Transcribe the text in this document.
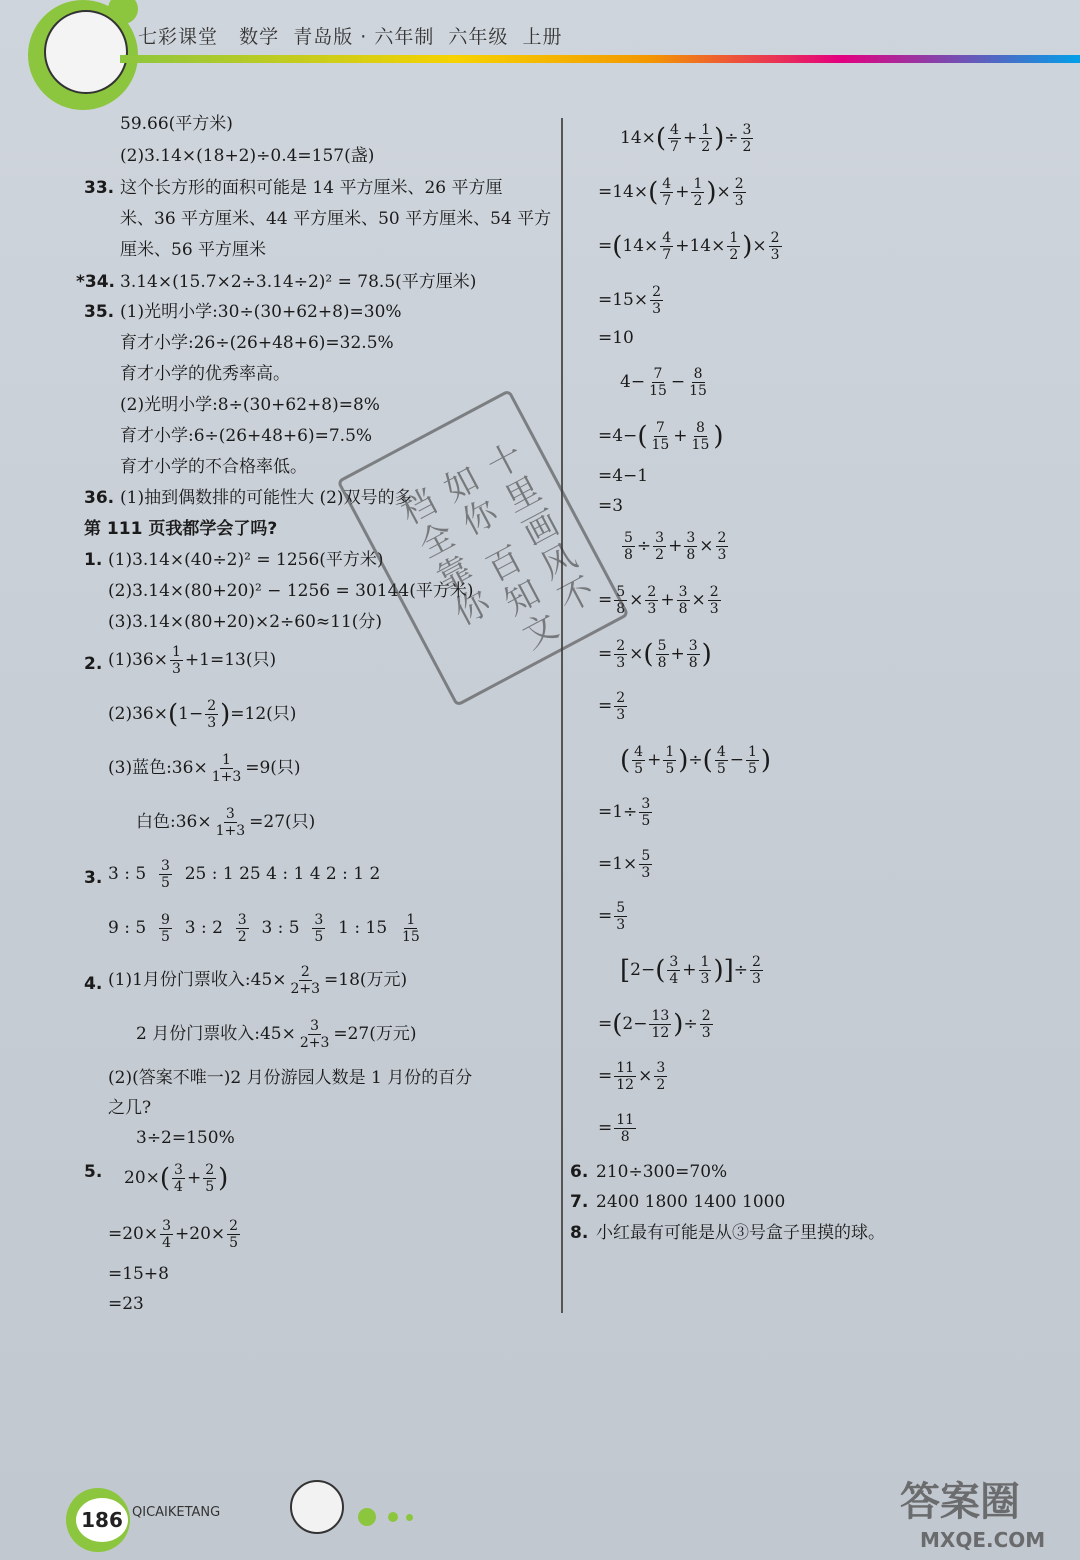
七彩课堂   数学  青岛版 · 六年制  六年级  上册
59.66(平方米)
(2)3.14×(18+2)÷0.4=157(盏)
33. 这个长方形的面积可能是 14 平方厘米、26 平方厘
米、36 平方厘米、44 平方厘米、50 平方厘米、54 平方
厘米、56 平方厘米
*34. 3.14×(15.7×2÷3.14÷2)² = 78.5(平方厘米)
35. (1)光明小学:30÷(30+62+8)=30%
育才小学:26÷(26+48+6)=32.5%
育才小学的优秀率高。
(2)光明小学:8÷(30+62+8)=8%
育才小学:6÷(26+48+6)=7.5%
育才小学的不合格率低。
36. (1)抽到偶数排的可能性大 (2)双号的多
第 111 页我都学会了吗?
1. (1)3.14×(40÷2)² = 1256(平方米)
(2)3.14×(80+20)² − 1256 = 30144(平方米)
(3)3.14×(80+20)×2÷60≈11(分)
2. $(1)36\times \frac{1}{3} +1=13$(只)
$(2)36\times(1- \frac{2}{3} )=12$(只)
(3)蓝色:36× $\frac{1}{1+3} =9$(只)
白色:36× $\frac{3}{1+3} =27$(只)
3. 3 : $5 \frac{3}{5} 25$ : 1 25 4 : 1 4 2 : 1 2
9 : $5 \frac{9}{5} 3$ : $2 \frac{3}{2} 3$ : $5 \frac{3}{5} 1$ : $15 \frac{1}{15}$
4. (1)1月份门票收入:45× $\frac{2}{2+3} =18$(万元)
2 月份门票收入:45× $\frac{3}{2+3} =27$(万元)
(2)(答案不唯一)2 月份游园人数是 1 月份的百分
之几?
3÷2=150%
5. $20\times( \frac{3}{4} + \frac{2}{5}$ )
$=20\times \frac{3}{4} +20\times \frac{2}{5}$
=15+8
=23
$14\times( \frac{4}{7} + \frac{1}{2}$ )÷ $\frac{3}{2}$
$=14\times( \frac{4}{7} + \frac{1}{2}$ )× $\frac{2}{3}$
$=(14\times \frac{4}{7} +14\times \frac{1}{2}$ )× $\frac{2}{3}$
$=15\times \frac{2}{3}$
=10
$4- \frac{7}{15} - \frac{8}{15}$
$=4-( \frac{7}{15} + \frac{8}{15}$ )
=4−1
=3
$\frac{5}{8} \div \frac{3}{2} + \frac{3}{8} \times \frac{2}{3}$
= $\frac{5}{8} \times \frac{2}{3} + \frac{3}{8} \times \frac{2}{3}$
= $\frac{2}{3}$ ×( $\frac{5}{8} + \frac{3}{8}$ )
= $\frac{2}{3}$
( $\frac{4}{5} + \frac{1}{5}$ )÷( $\frac{4}{5} - \frac{1}{5}$ )
$=1\div \frac{3}{5}$
$=1\times \frac{5}{3}$
= $\frac{5}{3}$
[$2-( \frac{3}{4} + \frac{1}{3}$ )]÷ $\frac{2}{3}$
$=(2- \frac{13}{12}$ )÷ $\frac{2}{3}$
= $\frac{11}{12} \times \frac{3}{2}$
= $\frac{11}{8}$
6. 210÷300=70%
7. 2400 1800 1400 1000
8. 小红最有可能是从③号盒子里摸的球。
十里画风不如你 百知文档全靠你
186 QICAIKETANG	答案圈
MXQE.COM
